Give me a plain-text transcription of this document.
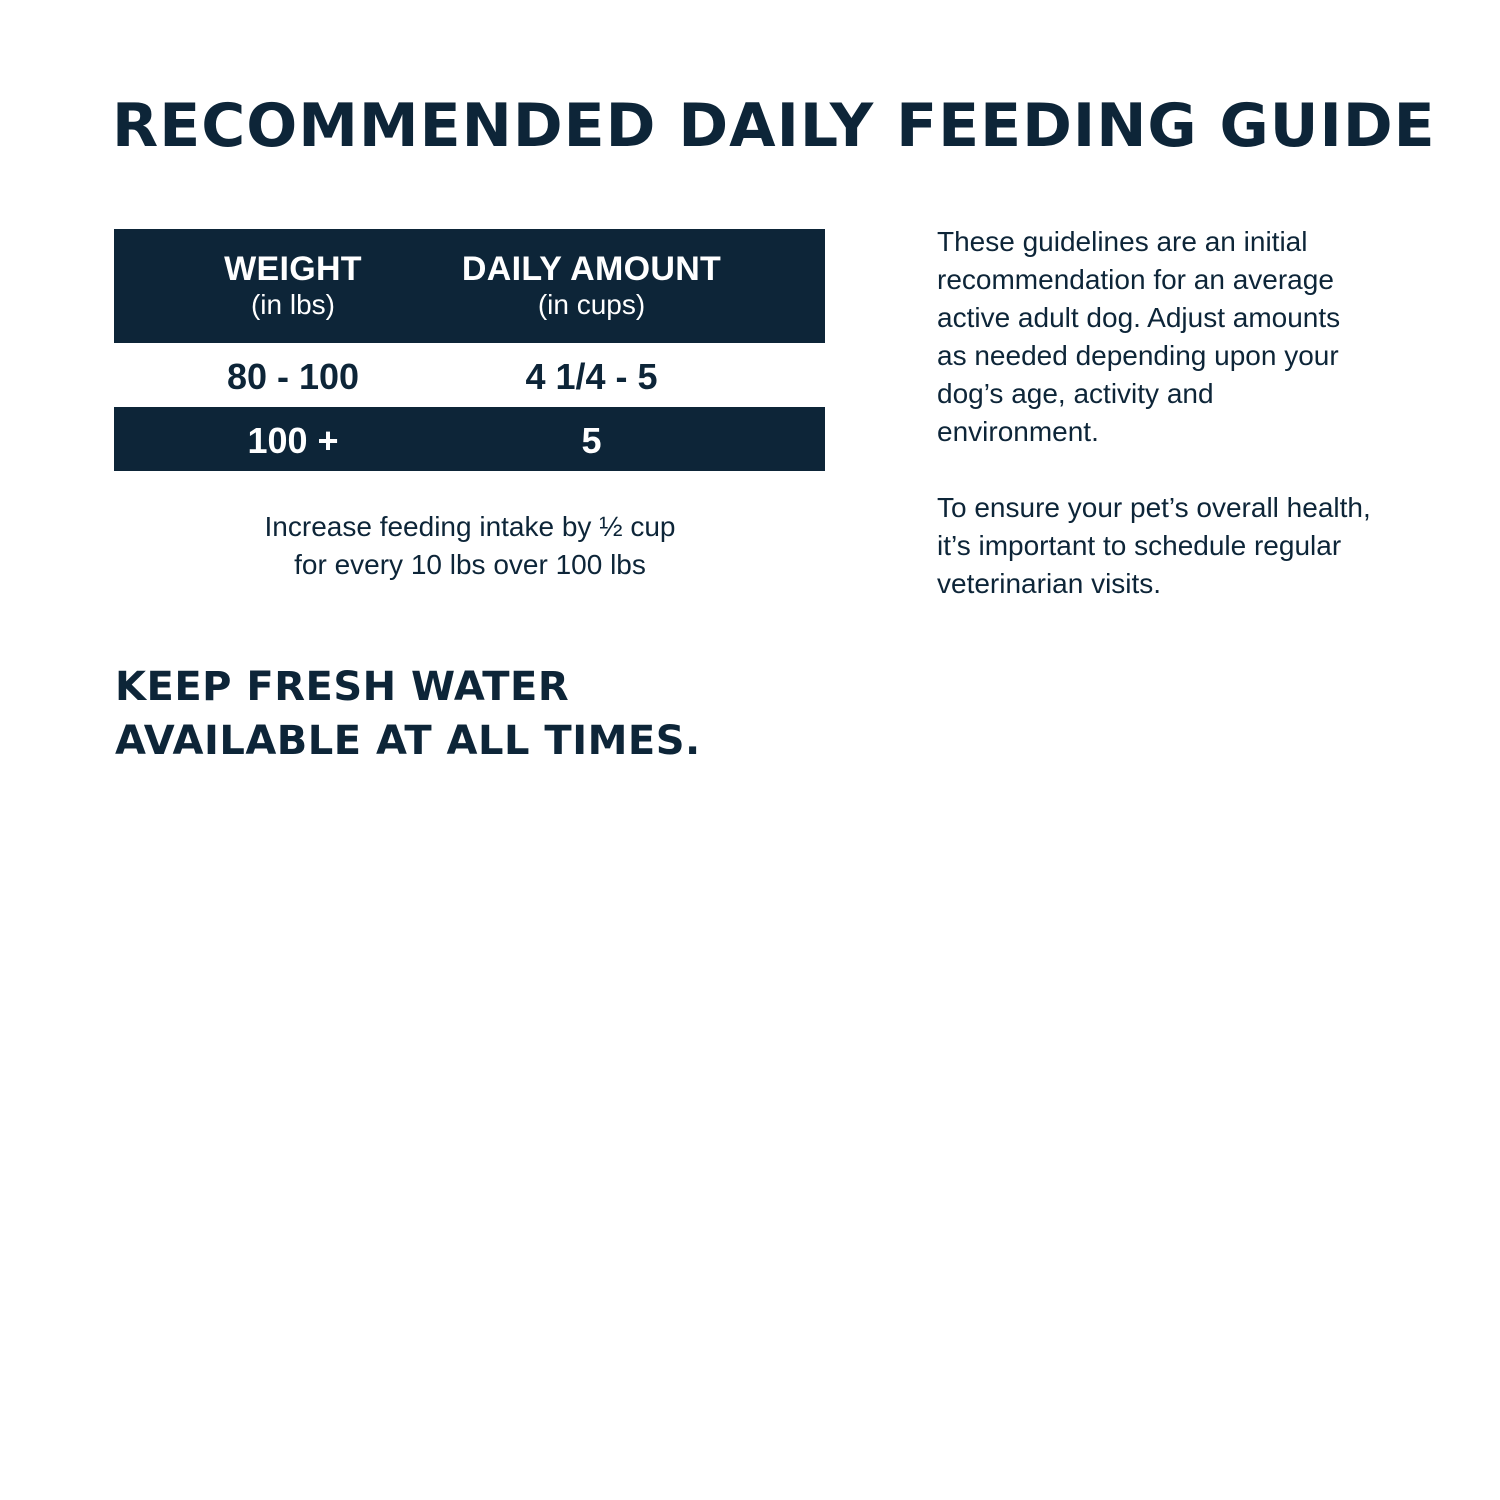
RECOMMENDED DAILY FEEDING GUIDE
WEIGHT
(in lbs)
DAILY AMOUNT
(in cups)
80 - 100	4 1/4 - 5
100 +	5
Increase feeding intake by ½ cup
for every 10 lbs over 100 lbs
These guidelines are an initial
recommendation for an average
active adult dog. Adjust amounts
as needed depending upon your
dog’s age, activity and
environment.
To ensure your pet’s overall health,
it’s important to schedule regular
veterinarian visits.
KEEP FRESH WATER
AVAILABLE AT ALL TIMES.
